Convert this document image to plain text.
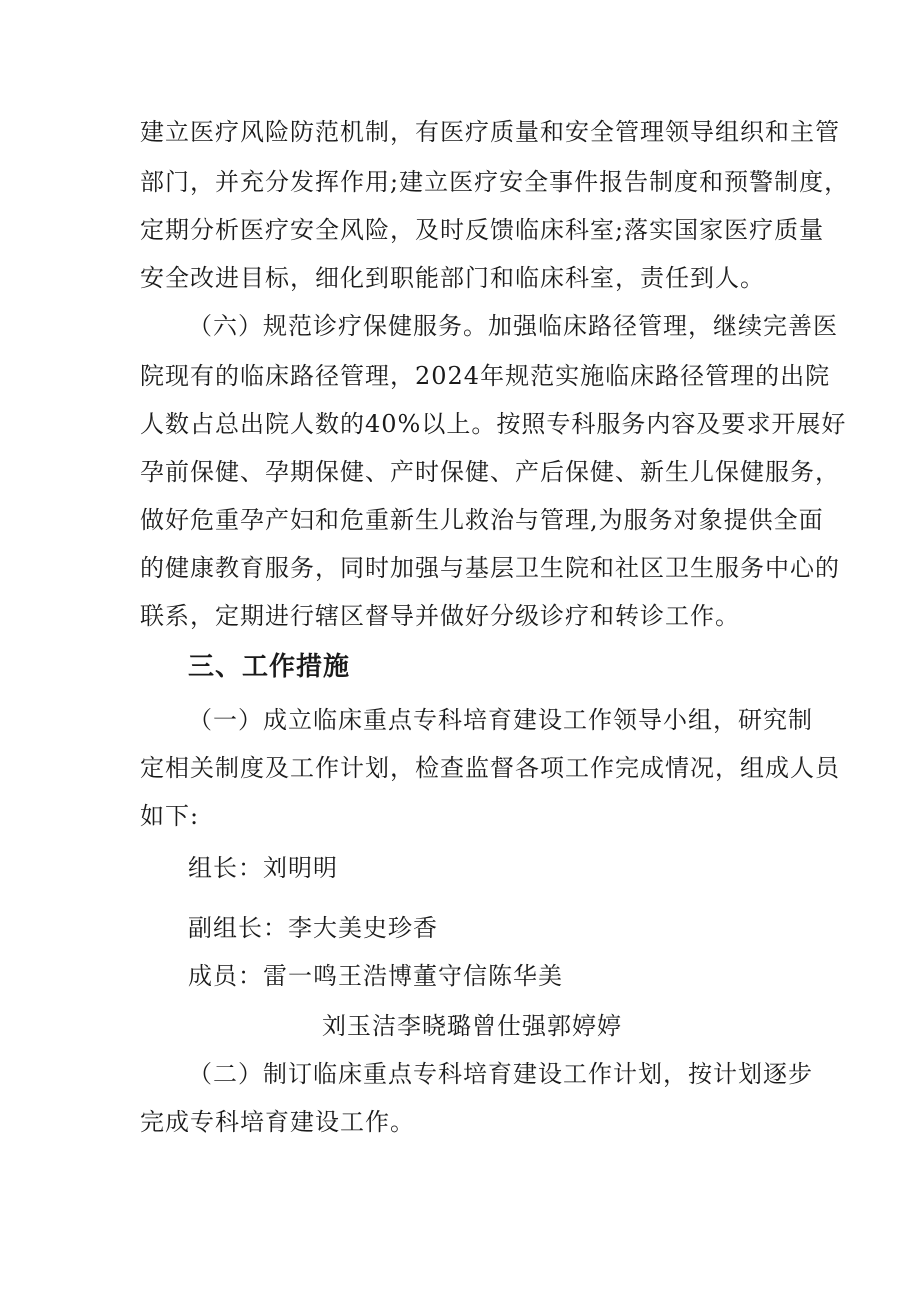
建立医疗风险防范机制，有医疗质量和安全管理领导组织和主管
部门，并充分发挥作用;建立医疗安全事件报告制度和预警制度，
定期分析医疗安全风险，及时反馈临床科室;落实国家医疗质量
安全改进目标，细化到职能部门和临床科室，责任到人。
（六）规范诊疗保健服务。加强临床路径管理，继续完善医
院现有的临床路径管理，2024年规范实施临床路径管理的出院
人数占总出院人数的40%以上。按照专科服务内容及要求开展好
孕前保健、孕期保健、产时保健、产后保健、新生儿保健服务，
做好危重孕产妇和危重新生儿救治与管理,为服务对象提供全面
的健康教育服务，同时加强与基层卫生院和社区卫生服务中心的
联系，定期进行辖区督导并做好分级诊疗和转诊工作。
三、工作措施
（一）成立临床重点专科培育建设工作领导小组，研究制
定相关制度及工作计划，检查监督各项工作完成情况，组成人员
如下:
组长：刘明明
副组长：李大美史珍香
成员：雷一鸣王浩博董守信陈华美
刘玉洁李晓璐曾仕强郭婷婷
（二）制订临床重点专科培育建设工作计划，按计划逐步
完成专科培育建设工作。
